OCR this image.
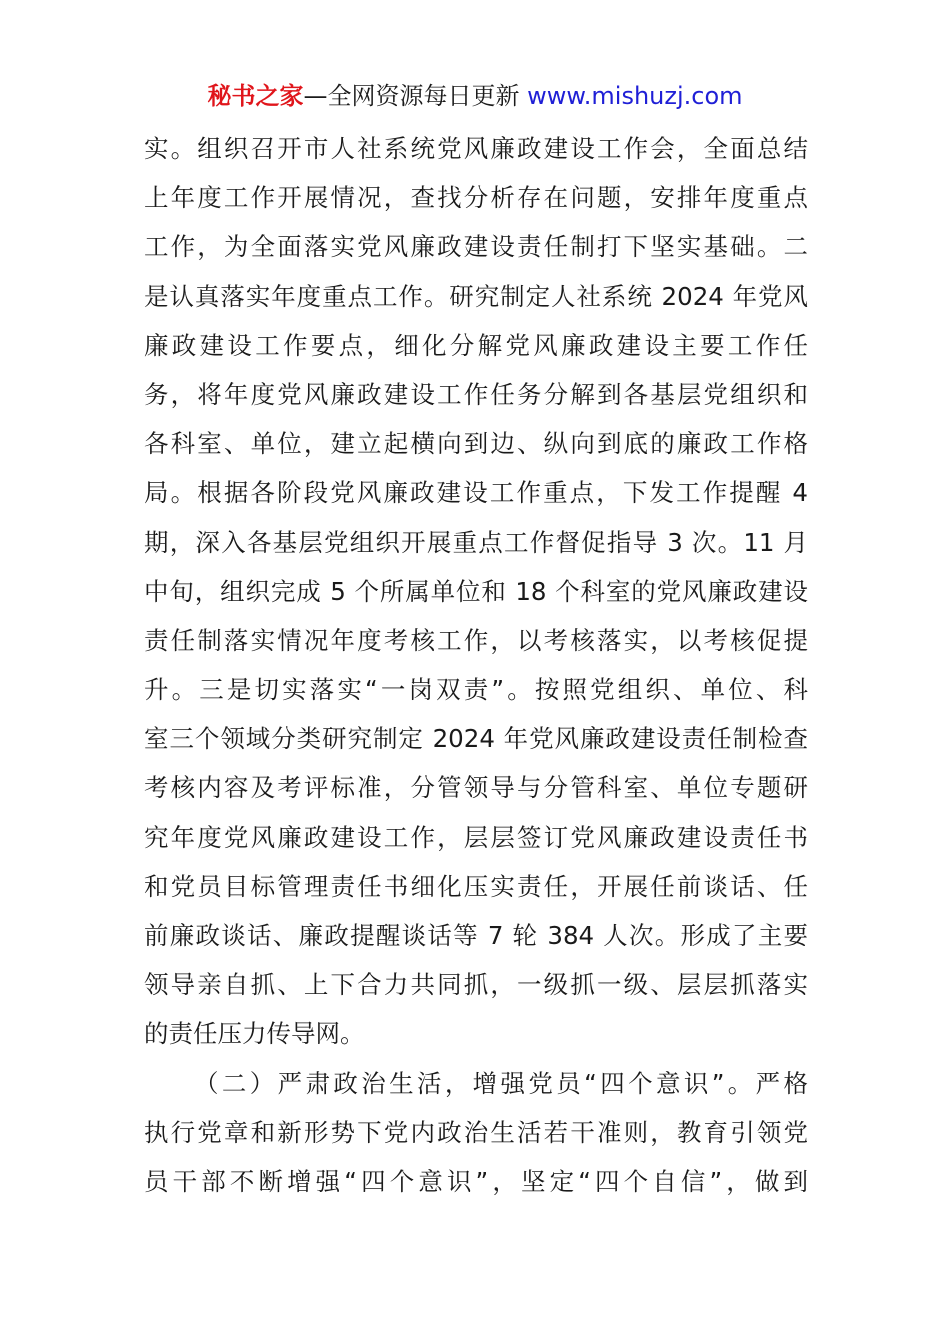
秘书之家—全网资源每日更新 www.mishuzj.com
实。组织召开市人社系统党风廉政建设工作会，全面总结
上年度工作开展情况，查找分析存在问题，安排年度重点
工作，为全面落实党风廉政建设责任制打下坚实基础。二
是认真落实年度重点工作。研究制定人社系统 2024 年党风
廉政建设工作要点，细化分解党风廉政建设主要工作任
务，将年度党风廉政建设工作任务分解到各基层党组织和
各科室、单位，建立起横向到边、纵向到底的廉政工作格
局。根据各阶段党风廉政建设工作重点，下发工作提醒 4
期，深入各基层党组织开展重点工作督促指导 3 次。11 月
中旬，组织完成 5 个所属单位和 18 个科室的党风廉政建设
责任制落实情况年度考核工作，以考核落实，以考核促提
升。三是切实落实“一岗双责”。按照党组织、单位、科
室三个领域分类研究制定 2024 年党风廉政建设责任制检查
考核内容及考评标准，分管领导与分管科室、单位专题研
究年度党风廉政建设工作，层层签订党风廉政建设责任书
和党员目标管理责任书细化压实责任，开展任前谈话、任
前廉政谈话、廉政提醒谈话等 7 轮 384 人次。形成了主要
领导亲自抓、上下合力共同抓，一级抓一级、层层抓落实
的责任压力传导网。
（二）严肃政治生活，增强党员“四个意识”。严格
执行党章和新形势下党内政治生活若干准则，教育引领党
员干部不断增强“四个意识”，坚定“四个自信”，做到
